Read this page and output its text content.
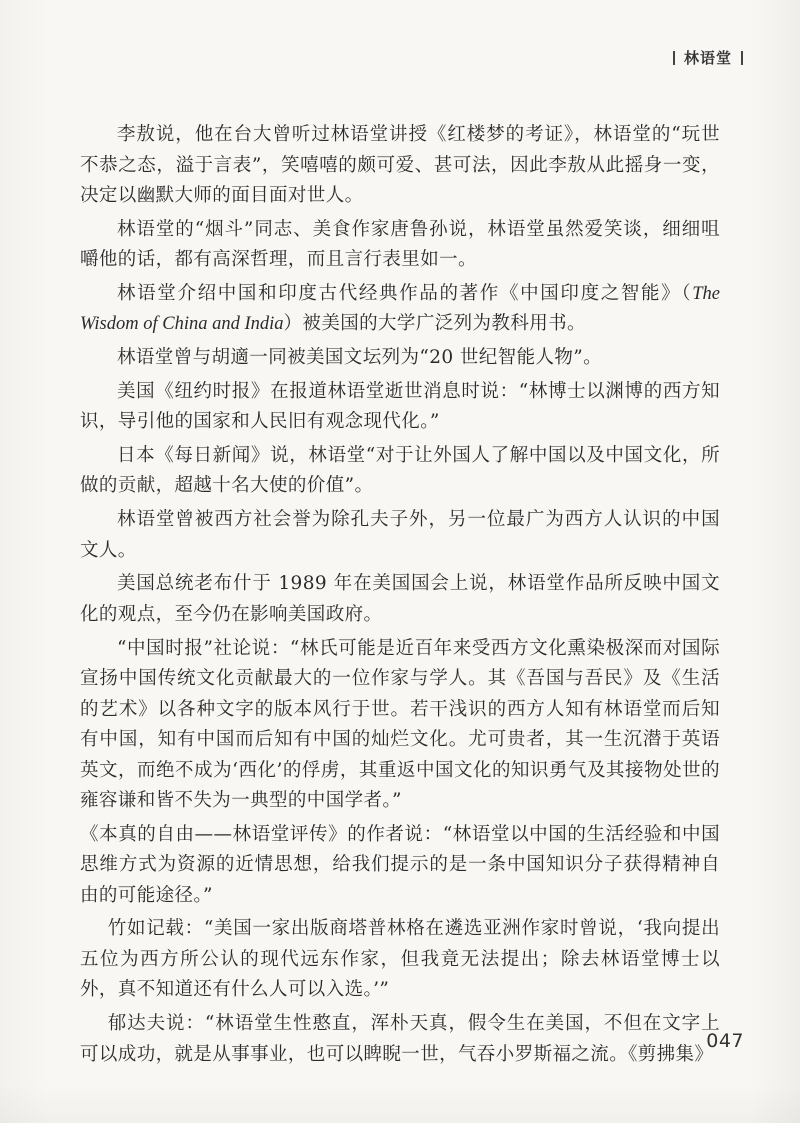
林语堂

李敖说，他在台大曾听过林语堂讲授《红楼梦的考证》，林语堂的“玩世不恭之态，溢于言表”，笑嘻嘻的颇可爱、甚可法，因此李敖从此摇身一变，决定以幽默大师的面目面对世人。

林语堂的“烟斗”同志、美食作家唐鲁孙说，林语堂虽然爱笑谈，细细咀嚼他的话，都有高深哲理，而且言行表里如一。

林语堂介绍中国和印度古代经典作品的著作《中国印度之智能》（The Wisdom of China and India）被美国的大学广泛列为教科用书。

林语堂曾与胡適一同被美国文坛列为“20 世纪智能人物”。

美国《纽约时报》在报道林语堂逝世消息时说：“林博士以渊博的西方知识，导引他的国家和人民旧有观念现代化。”

日本《每日新闻》说，林语堂“对于让外国人了解中国以及中国文化，所做的贡献，超越十名大使的价值”。

林语堂曾被西方社会誉为除孔夫子外，另一位最广为西方人认识的中国文人。

美国总统老布什于 1989 年在美国国会上说，林语堂作品所反映中国文化的观点，至今仍在影响美国政府。

“中国时报”社论说：“林氏可能是近百年来受西方文化熏染极深而对国际宣扬中国传统文化贡献最大的一位作家与学人。其《吾国与吾民》及《生活的艺术》以各种文字的版本风行于世。若干浅识的西方人知有林语堂而后知有中国，知有中国而后知有中国的灿烂文化。尤可贵者，其一生沉潜于英语英文，而绝不成为‘西化’的俘虏，其重返中国文化的知识勇气及其接物处世的雍容谦和皆不失为一典型的中国学者。”

《本真的自由——林语堂评传》的作者说：“林语堂以中国的生活经验和中国思维方式为资源的近情思想，给我们提示的是一条中国知识分子获得精神自由的可能途径。”

竹如记载：“美国一家出版商塔普林格在遴选亚洲作家时曾说，‘我向提出五位为西方所公认的现代远东作家，但我竟无法提出；除去林语堂博士以外，真不知道还有什么人可以入选。’”

郁达夫说：“林语堂生性憨直，浑朴天真，假令生在美国，不但在文字上可以成功，就是从事事业，也可以睥睨一世，气吞小罗斯福之流。《剪拂集》

047
